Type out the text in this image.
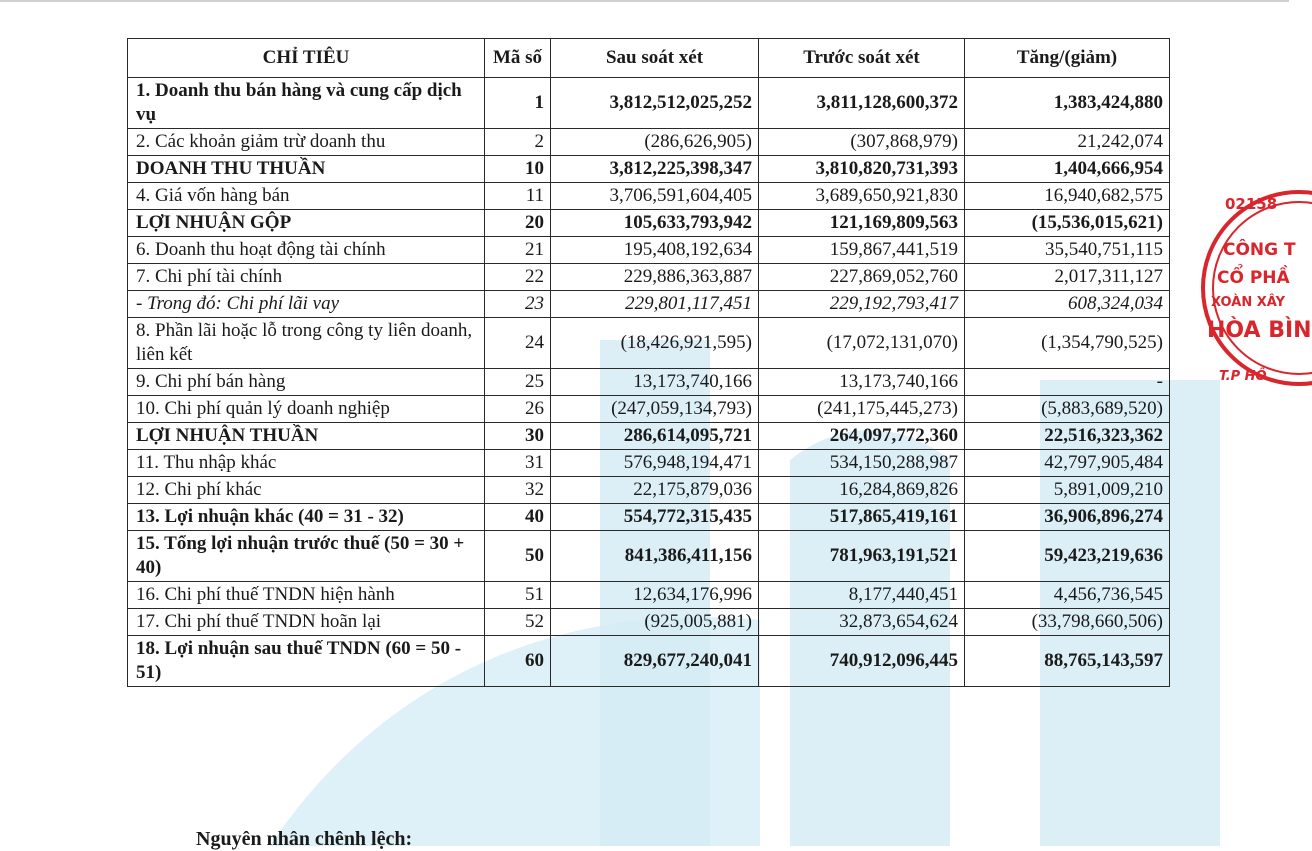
CHỈ TIÊU	Mã số	Sau soát xét	Trước soát xét	Tăng/(giảm)
1. Doanh thu bán hàng và cung cấp dịch vụ	1	3,812,512,025,252	3,811,128,600,372	1,383,424,880
2. Các khoản giảm trừ doanh thu	2	(286,626,905)	(307,868,979)	21,242,074
DOANH THU THUẦN	10	3,812,225,398,347	3,810,820,731,393	1,404,666,954
4. Giá vốn hàng bán	11	3,706,591,604,405	3,689,650,921,830	16,940,682,575
LỢI NHUẬN GỘP	20	105,633,793,942	121,169,809,563	(15,536,015,621)
6. Doanh thu hoạt động tài chính	21	195,408,192,634	159,867,441,519	35,540,751,115
7. Chi phí tài chính	22	229,886,363,887	227,869,052,760	2,017,311,127
- Trong đó: Chi phí lãi vay	23	229,801,117,451	229,192,793,417	608,324,034
8. Phần lãi hoặc lỗ trong công ty liên doanh, liên kết	24	(18,426,921,595)	(17,072,131,070)	(1,354,790,525)
9. Chi phí bán hàng	25	13,173,740,166	13,173,740,166	-
10. Chi phí quản lý doanh nghiệp	26	(247,059,134,793)	(241,175,445,273)	(5,883,689,520)
LỢI NHUẬN THUẦN	30	286,614,095,721	264,097,772,360	22,516,323,362
11. Thu nhập khác	31	576,948,194,471	534,150,288,987	42,797,905,484
12. Chi phí khác	32	22,175,879,036	16,284,869,826	5,891,009,210
13. Lợi nhuận khác (40 = 31 - 32)	40	554,772,315,435	517,865,419,161	36,906,896,274
15. Tổng lợi nhuận trước thuế (50 = 30 + 40)	50	841,386,411,156	781,963,191,521	59,423,219,636
16. Chi phí thuế TNDN hiện hành	51	12,634,176,996	8,177,440,451	4,456,736,545
17. Chi phí thuế TNDN hoãn lại	52	(925,005,881)	32,873,654,624	(33,798,660,506)
18. Lợi nhuận sau thuế TNDN (60 = 50 - 51)	60	829,677,240,041	740,912,096,445	88,765,143,597
02158
CÔNG T
CỔ PHẦ
XOÀN XÂY
HÒA BÌN
T.P HỒ
Nguyên nhân chênh lệch:
